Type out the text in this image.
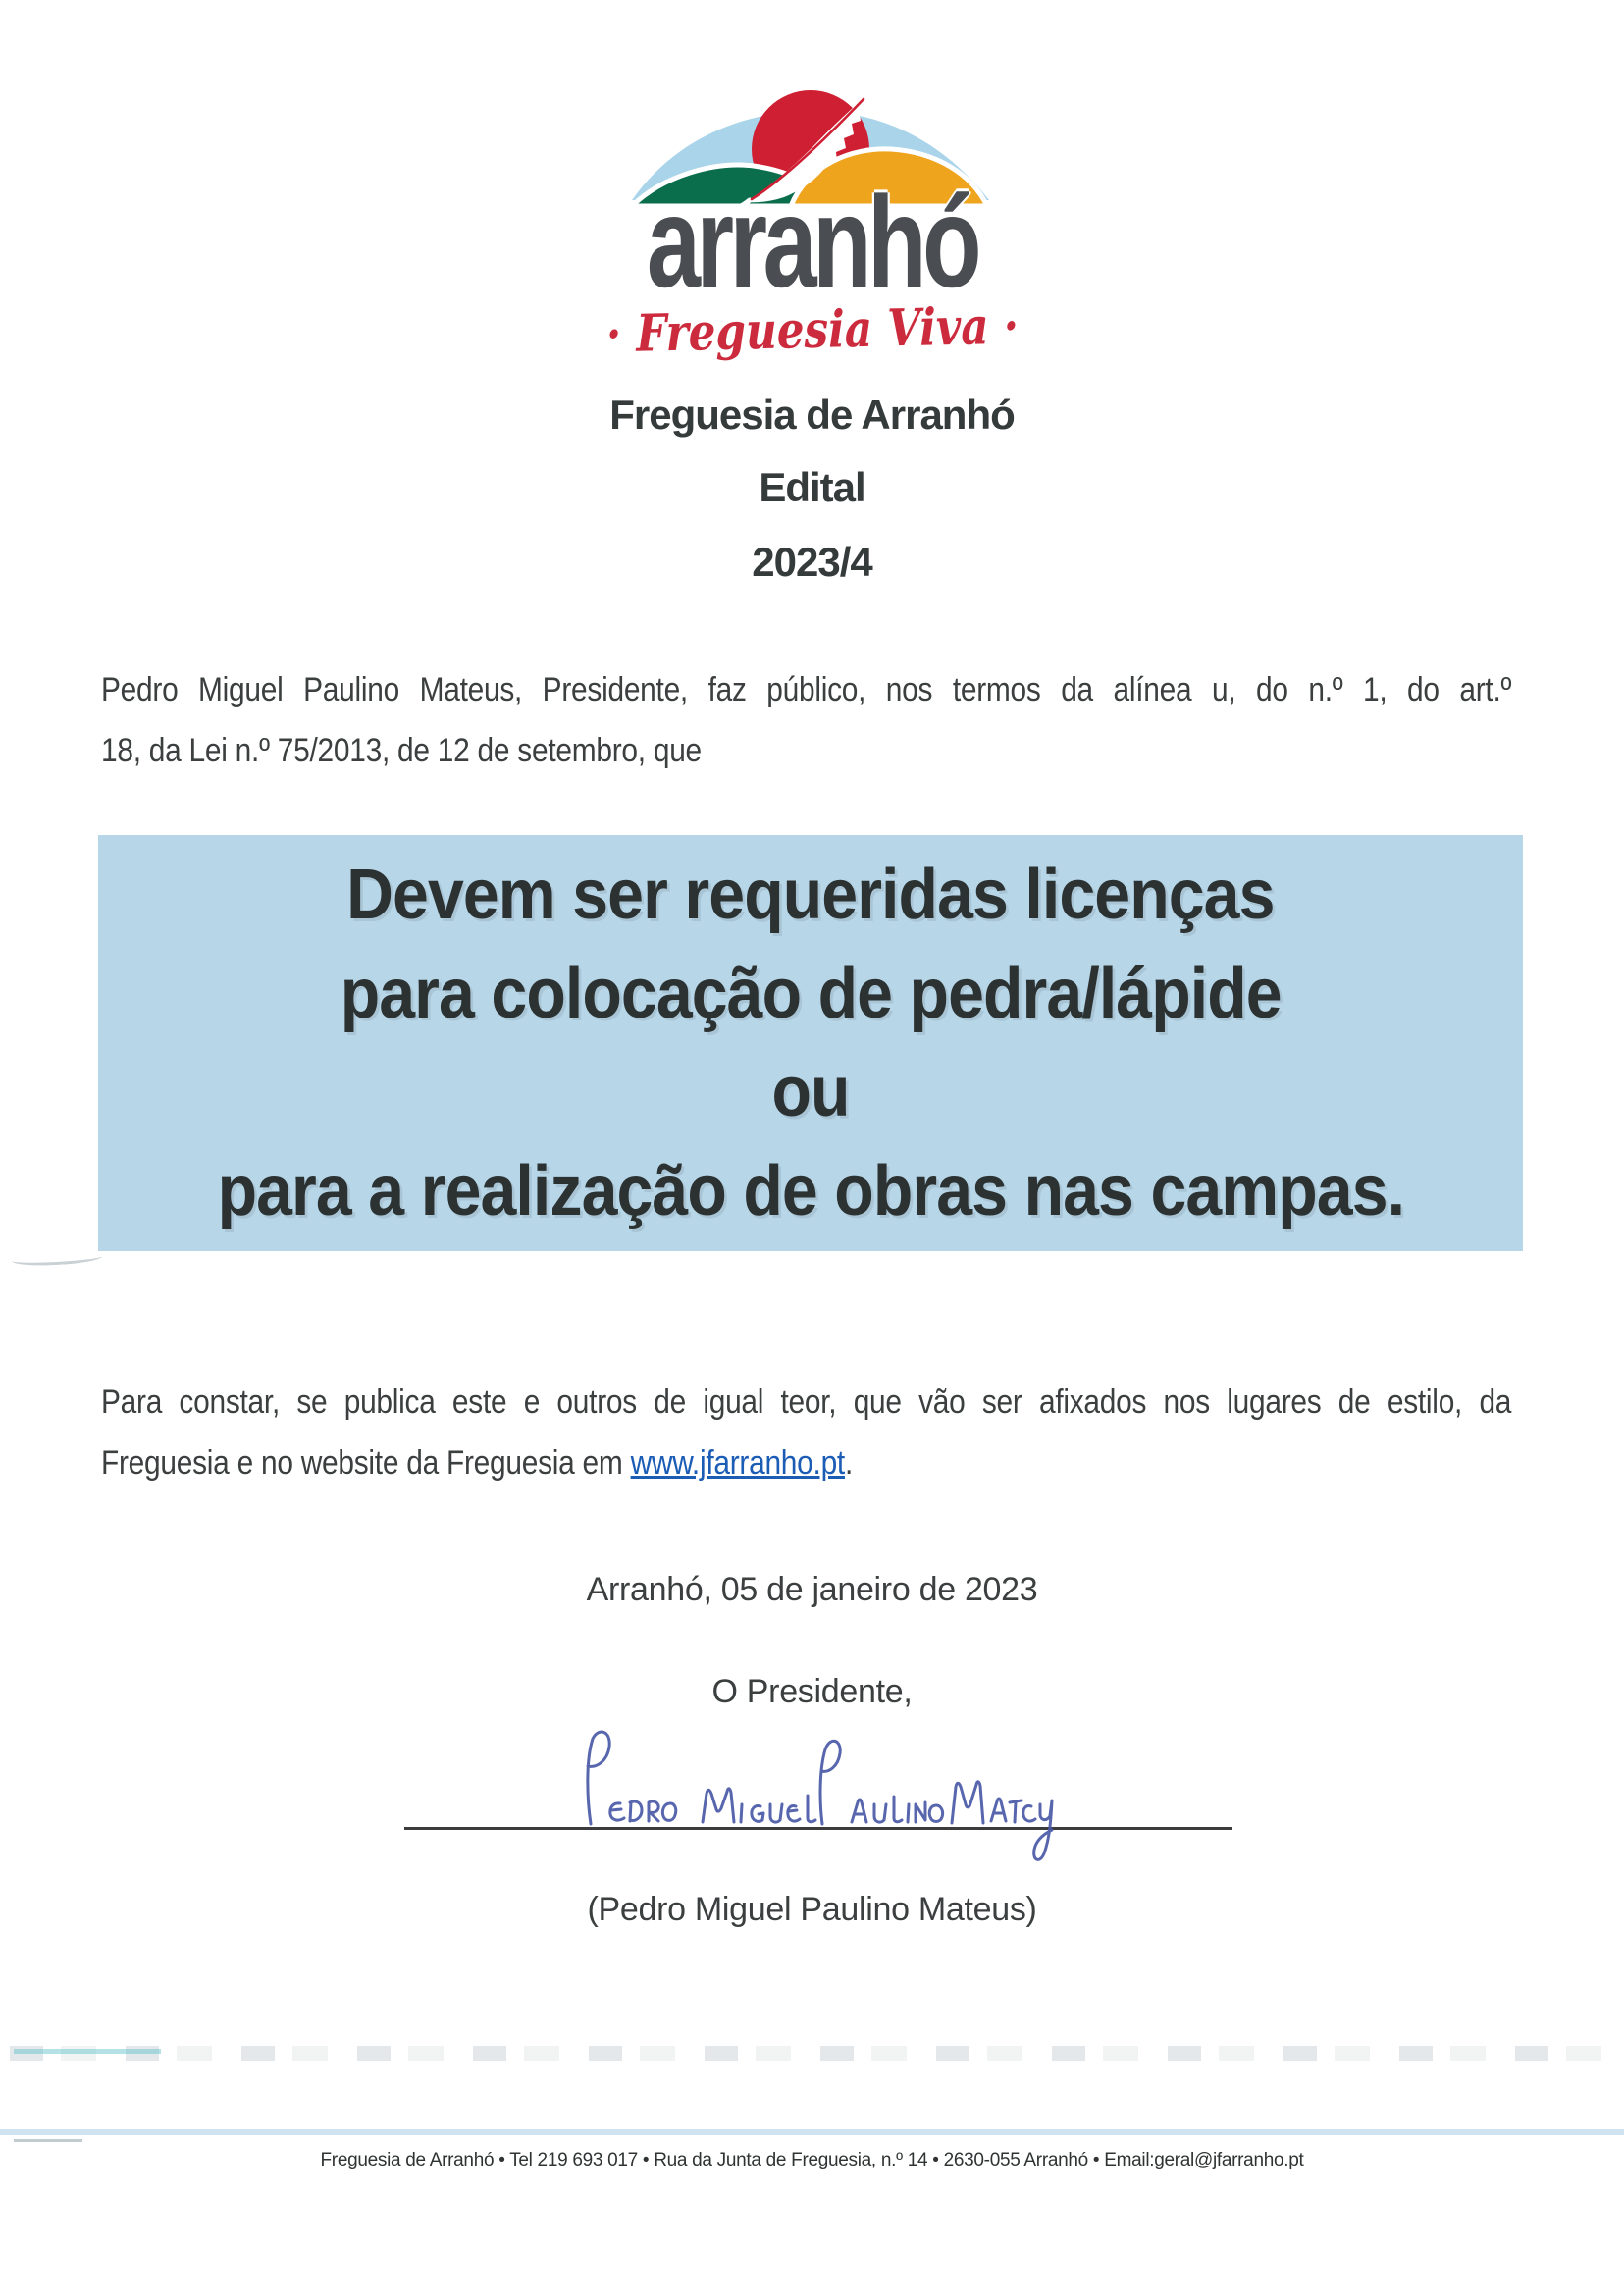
arranhó
· Freguesia Viva ·
Freguesia de Arranhó
Edital
2023/4
Pedro Miguel Paulino Mateus, Presidente, faz público, nos termos da alínea u, do n.º 1, do art.º
18, da Lei n.º 75/2013, de 12 de setembro, que
Devem ser requeridas licenças
para colocação de pedra/lápide
ou
para a realização de obras nas campas.
Para constar, se publica este e outros de igual teor, que vão ser afixados nos lugares de estilo, da
Freguesia e no website da Freguesia em www.jfarranho.pt.
Arranhó, 05 de janeiro de 2023
O Presidente,
(Pedro Miguel Paulino Mateus)
Freguesia de Arranhó • Tel 219 693 017 • Rua da Junta de Freguesia, n.º 14 • 2630-055 Arranhó • Email:geral@jfarranho.pt
